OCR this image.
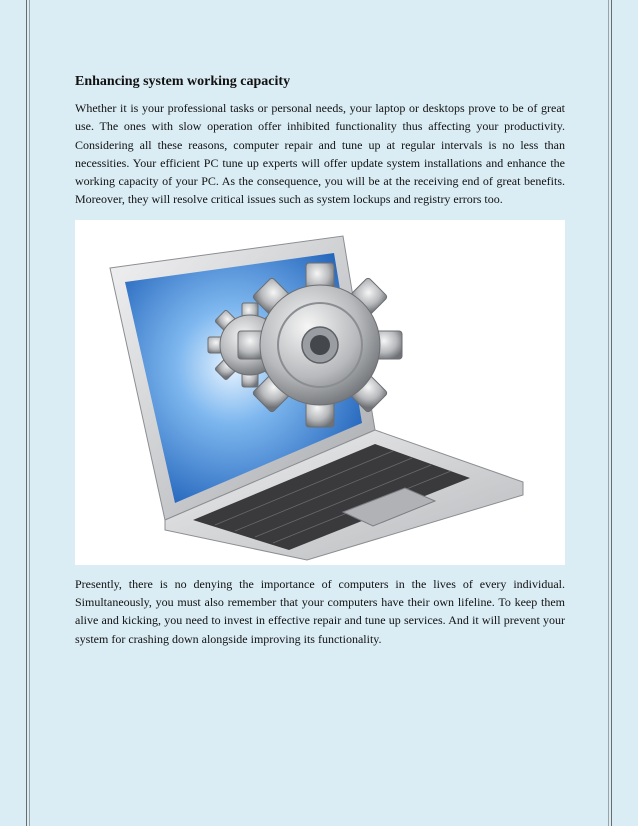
Enhancing system working capacity

Whether it is your professional tasks or personal needs, your laptop or desktops prove to be of great use. The ones with slow operation offer inhibited functionality thus affecting your productivity. Considering all these reasons, computer repair and tune up at regular intervals is no less than necessities. Your efficient PC tune up experts will offer update system installations and enhance the working capacity of your PC. As the consequence, you will be at the receiving end of great benefits. Moreover, they will resolve critical issues such as system lockups and registry errors too.

Presently, there is no denying the importance of computers in the lives of every individual. Simultaneously, you must also remember that your computers have their own lifeline. To keep them alive and kicking, you need to invest in effective repair and tune up services. And it will prevent your system for crashing down alongside improving its functionality.
